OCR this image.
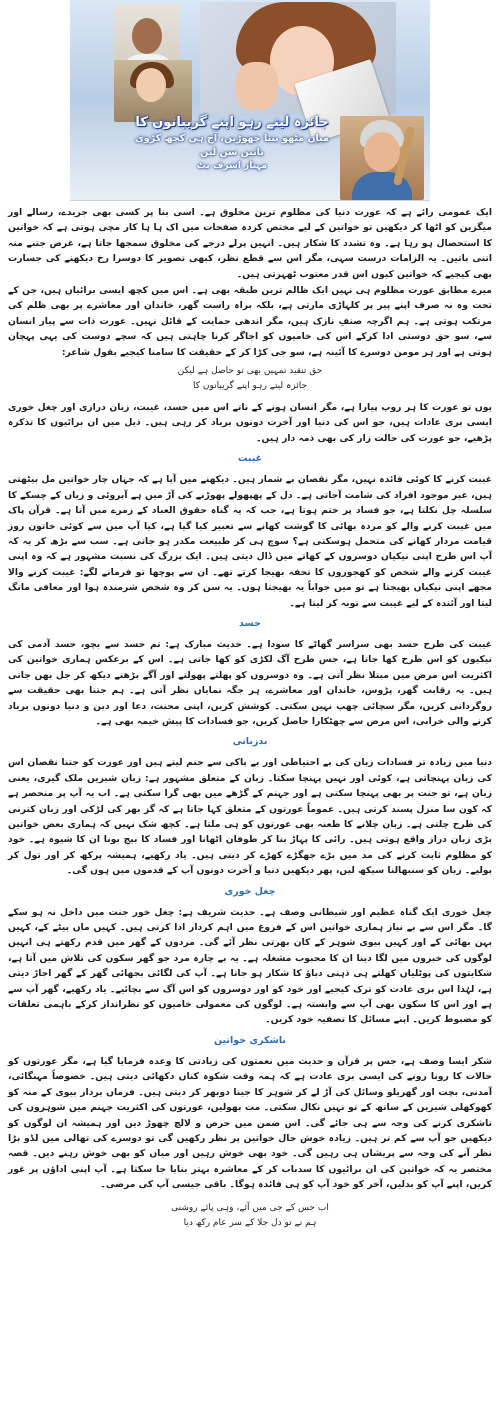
جائزہ لیتے رہو اپنے گریبانوں کا
میاں مٹھو بننا چھوڑیں، آج ہی کچھ کڑوی باتیں سن لیں
مہناز اشرف بٹ

ایک عمومی رائے ہے کہ عورت دنیا کی مظلوم ترین مخلوق ہے۔ اسی بنا پر کسی بھی جریدے، رسالے اور میگزین کو اٹھا کر دیکھیں تو خواتین کے لیے مختص کردہ صفحات میں اک ہا ہا کار مچی ہوتی ہے کہ خواتین کا استحصال ہو رہا ہے۔ وہ تشدد کا شکار ہیں۔ انہیں پرلے درجے کی مخلوق سمجھا جاتا ہے، غرض جتنے منہ اتنی باتیں۔ یہ الزامات درست سہی، مگر اس سے قطع نظر، کبھی تصویر کا دوسرا رخ دیکھنے کی جسارت بھی کیجیے کہ خواتین کیوں اس قدر معتوب ٹھہرتی ہیں۔

میرے مطابق عورت مظلوم ہی نہیں ایک ظالم ترین طبقہ بھی ہے۔ اس میں کچھ ایسی برائیاں ہیں، جن کے تحت وہ نہ صرف اپنے پیر پر کلہاڑی مارتی ہے، بلکہ براہ راست گھر، خاندان اور معاشرے پر بھی ظلم کی مرتکب ہوتی ہے۔ ہم اگرچہ صنفِ نازک ہیں، مگر اندھی حمایت کے قائل نہیں۔ عورت ذات سے پیار انسان سے، سو حق دوستی ادا کرکے اس کی خامیوں کو اجاگر کرنا چاہتی ہیں کہ سچے دوست کی یہی پہچان ہوتی ہے اور ہر مومن دوسرے کا آئینہ ہے، سو جی کڑا کر کے حقیقت کا سامنا کیجیے بقول شاعر:

حق تنقید تمہیں بھی تو حاصل ہے لیکن
جائزہ لیتے رہو اپنے گریبانوں کا

یوں تو عورت کا ہر روپ پیارا ہے، مگر انسان ہونے کے ناتے اس میں حسد، غیبت، زبان درازی اور چغل خوری ایسی بری عادات ہیں، جو اس کی دنیا اور آخرت دونوں برباد کر رہی ہیں۔ ذیل میں ان برائیوں کا تذکرہ پڑھیے، جو عورت کی حالت زار کی بھی ذمہ دار ہیں۔

غیبت

غیبت کرنے کا کوئی فائدہ نہیں، مگر نقصان بے شمار ہیں۔ دیکھنے میں آیا ہے کہ جہاں چار خواتین مل بیٹھتی ہیں، غیر موجود افراد کی شامت آجاتی ہے۔ دل کے پھپھولے پھوڑنے کی آڑ میں ہے آبروئی و زیاں کے چسکے کا سلسلہ چل نکلتا ہے، جو فساد پر ختم ہوتا ہے، جب کہ یہ گناہ حقوق العباد کے زمرے میں آتا ہے۔ قرآن پاک میں غیبت کرنے والے کو مردہ بھائی کا گوشت کھانے سے تعبیر کیا گیا ہے، کیا آپ میں سے کوئی خاتون روز قیامت مردار کھانے کی متحمل ہوسکتی ہے؟ سوچ ہی کر طبیعت مکدر ہو جاتی ہے۔ سب سے بڑھ کر یہ کہ آپ اس طرح اپنی نیکیاں دوسروں کے کھاتے میں ڈال دیتی ہیں۔ ایک بزرگ کی نسبت مشہور ہے کہ وہ اپنی غیبت کرنے والے شخص کو کھجوروں کا تحفہ بھیجا کرتے تھے۔ ان سے پوچھا تو فرمانے لگے: غیبت کرنے والا مجھے اپنی نیکیاں بھیجتا ہے تو میں جواباً یہ بھیجتا ہوں۔ یہ سن کر وہ شخص شرمندہ ہوا اور معافی مانگ لیتا اور آئندہ کے لیے غیبت سے توبہ کر لیتا ہے۔

حسد

غیبت کی طرح حسد بھی سراسر گھاٹے کا سودا ہے۔ حدیث مبارک ہے: تم حسد سے بچو، حسد آدمی کی نیکیوں کو اس طرح کھا جاتا ہے، جس طرح آگ لکڑی کو کھا جاتی ہے۔ اس کے برعکس ہماری خواتین کی اکثریت اس مرض میں مبتلا نظر آتی ہے۔ وہ دوسروں کو پھلتے پھولتے اور آگے بڑھتے دیکھ کر جل بھن جاتی ہیں۔ یہ رقابت گھر، پڑوس، خاندان اور معاشرے، ہر جگہ نمایاں نظر آتی ہے۔ ہم جتنا بھی حقیقت سے روگردانی کریں، مگر سچائی چھپ نہیں سکتی۔ کوشش کریں، اپنی محنت، دعا اور دین و دنیا دونوں برباد کرنے والی خرابی، اس مرض سے چھٹکارا حاصل کریں، جو فسادات کا پیش خیمہ بھی ہے۔

بدزبانی

دنیا میں زیادہ تر فسادات زبان کی بے احتیاطی اور بے باکی سے جنم لیتے ہیں اور عورت کو جتنا نقصان اس کی زبان پہنچاتی ہے، کوئی اور نہیں پہنچا سکتا۔ زبان کے متعلق مشہور ہے: زبان شیریں ملک گیری، یعنی زبان ہے، تو جنت پر بھی پہنچا سکتی ہے اور جہنم کے گڑھے میں بھی گرا سکتی ہے۔ اب یہ آپ پر منحصر ہے کہ کون سا منزل پسند کرتی ہیں۔ عموماً عورتوں کے متعلق کہا جاتا ہے کہ گز بھر کی لڑکی اور زبان کترنی کی طرح چلتی ہے۔ زبان چلانے کا طعنہ بھی عورتوں کو ہی ملتا ہے۔ کچھ شک نہیں کہ ہماری بعض خواتین بڑی زبان دراز واقع ہوتی ہیں۔ رائی کا پہاڑ بنا کر طوفان اٹھانا اور فساد کا بیج بونا ان کا شیوہ ہے۔ خود کو مظلوم ثابت کرنے کی مد میں بڑے جھگڑے کھڑے کر دیتی ہیں۔ یاد رکھیے، ہمیشہ پرکھ کر اور تول کر بولیے۔ زبان کو سنبھالنا سیکھ لیں، پھر دیکھیں دنیا و آخرت دونوں آپ کے قدموں میں ہوں گی۔

چغل خوری

چغل خوری ایک گناہ عظیم اور شیطانی وصف ہے۔ حدیث شریف ہے: چغل خور جنت میں داخل نہ ہو سکے گا۔ مگر اس سے بے نیاز ہماری خواتین اس کے فروغ میں اہم کردار ادا کرتی ہیں۔ کہیں ماں بیٹے کے، کہیں بہن بھائی کے اور کہیں بیوی شوہر کے کان بھرتی نظر آئے گی۔ مردوں کے گھر میں قدم رکھتے ہی انہیں لوگوں کی خبروں میں لگا دینا ان کا محبوب مشغلہ ہے۔ یہ بے چارہ مرد جو گھر سکون کی تلاش میں آتا ہے، شکایتوں کی پوٹلیاں کھلتے ہی ذہنی دباؤ کا شکار ہو جاتا ہے۔ آپ کی لگائی بجھائی گھر کے گھر اجاڑ دیتی ہے، لہٰذا اس بری عادت کو ترک کیجیے اور خود کو اور دوسروں کو اس آگ سے بچائیے۔ یاد رکھیے، گھر آپ سے ہے اور اس کا سکون بھی آپ سے وابستہ ہے۔ لوگوں کی معمولی خامیوں کو نظرانداز کرکے باہمی تعلقات کو مضبوط کریں۔ اپنے مسائل کا تصفیہ خود کریں۔

ناشکری خواتین

شکر ایسا وصف ہے، جس پر قرآن و حدیث میں نعمتوں کی زیادتی کا وعدہ فرمایا گیا ہے، مگر عورتوں کو حالات کا رونا رونے کی ایسی بری عادت ہے کہ ہمہ وقت شکوہ کناں دکھائی دیتی ہیں۔ خصوصاً مہنگائی، آمدنی، بچت اور گھریلو وسائل کی آڑ لے کر شوہر کا جینا دوبھر کر دیتی ہیں۔ فرماں بردار بیوی کے منہ کو کھوکھلی شیریں کے ساتھ کے تو نہیں نکال سکتی۔ مت بھولیں، عورتوں کی اکثریت جہنم میں شوہروں کی ناشکری کرنے کی وجہ سے ہی جائے گی۔ اس ضمن میں حرص و لالچ چھوڑ دیں اور ہمیشہ ان لوگوں کو دیکھیں جو آپ سے کم تر ہیں۔ زیادہ خوش حال خواتین پر نظر رکھیں گی تو دوسرے کی تھالی میں لڈو بڑا نظر آنے کی وجہ سے پریشان ہی رہیں گی۔ خود بھی خوش رہیں اور میاں کو بھی خوش رہنے دیں۔ قصہ مختصر یہ کہ خواتین کی ان برائیوں کا سدباب کر کے معاشرہ بہتر بنایا جا سکتا ہے۔ آپ اپنی اداؤں پر غور کریں، اپنے آپ کو بدلیں، آخر کو خود آپ کو ہی فائدہ ہوگا۔ باقی جیسی آپ کی مرضی۔

اب جس کے جی میں آئے، وہی پائے روشنی
ہم نے تو دل جلا کے سر عام رکھ دیا
